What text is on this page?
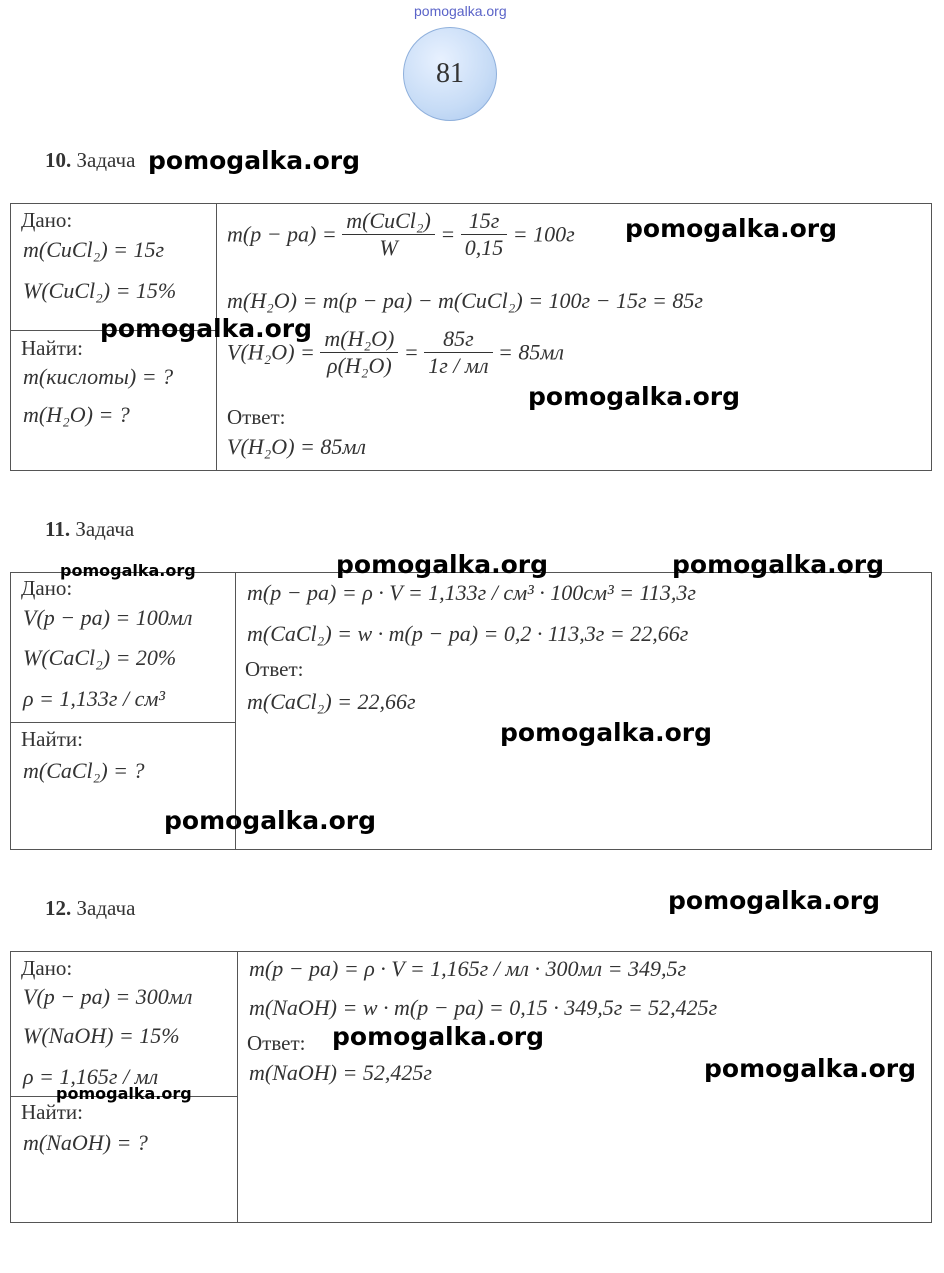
pomogalka.org
81
10. Задача
Дано:
m(CuCl₂) = 15г
W(CuCl₂) = 15%
Найти:
m(кислоты) = ?
m(H₂O) = ?
$m(p - pa) = \frac{\text{m(CuCl₂)}}{W} = \frac{15г}{0,15} = 100г$
m(H₂O) = m(p − pa) − m(CuCl₂) = 100г − 15г = 85г
$V(H_2O) = \frac{\text{m(H₂O)}}{\text{ρ(H₂O)}} = \frac{85г}{1г / мл} = 85мл$
Ответ:
V(H₂O) = 85мл
11. Задача
Дано:
V(p − pa) = 100мл
W(CaCl₂) = 20%
ρ = 1,133г / см³
Найти:
m(CaCl₂) = ?
m(p − pa) = ρ · V = 1,133г / см³ · 100см³ = 113,3г
m(CaCl₂) = w · m(p − pa) = 0,2 · 113,3г = 22,66г
Ответ:
m(CaCl₂) = 22,66г
12. Задача
Дано:
V(p − pa) = 300мл
W(NaOH) = 15%
ρ = 1,165г / мл
Найти:
m(NaOH) = ?
m(p − pa) = ρ · V = 1,165г / мл · 300мл = 349,5г
m(NaOH) = w · m(p − pa) = 0,15 · 349,5г = 52,425г
Ответ:
m(NaOH) = 52,425г
pomogalka.org
pomogalka.org
pomogalka.org
pomogalka.org
pomogalka.org	pomogalka.org	pomogalka.org
pomogalka.org
pomogalka.org
pomogalka.org
pomogalka.org
pomogalka.org
pomogalka.org
